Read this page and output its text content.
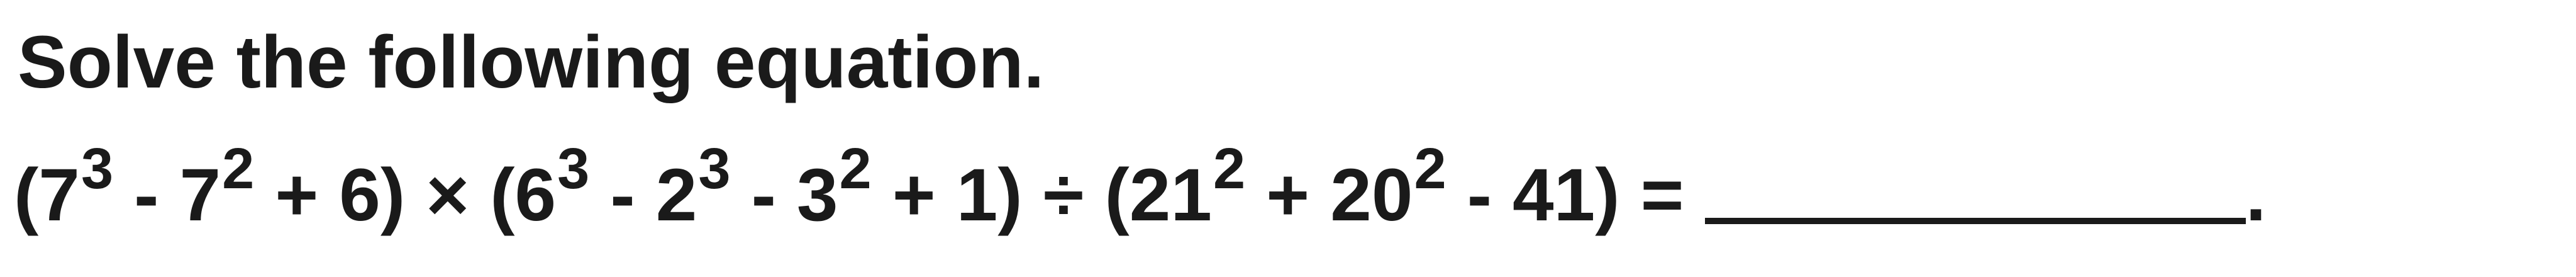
Solve the following equation.
(73 - 72 + 6) × (63 - 23 - 32 + 1) ÷ (212 + 202 - 41) =	.
